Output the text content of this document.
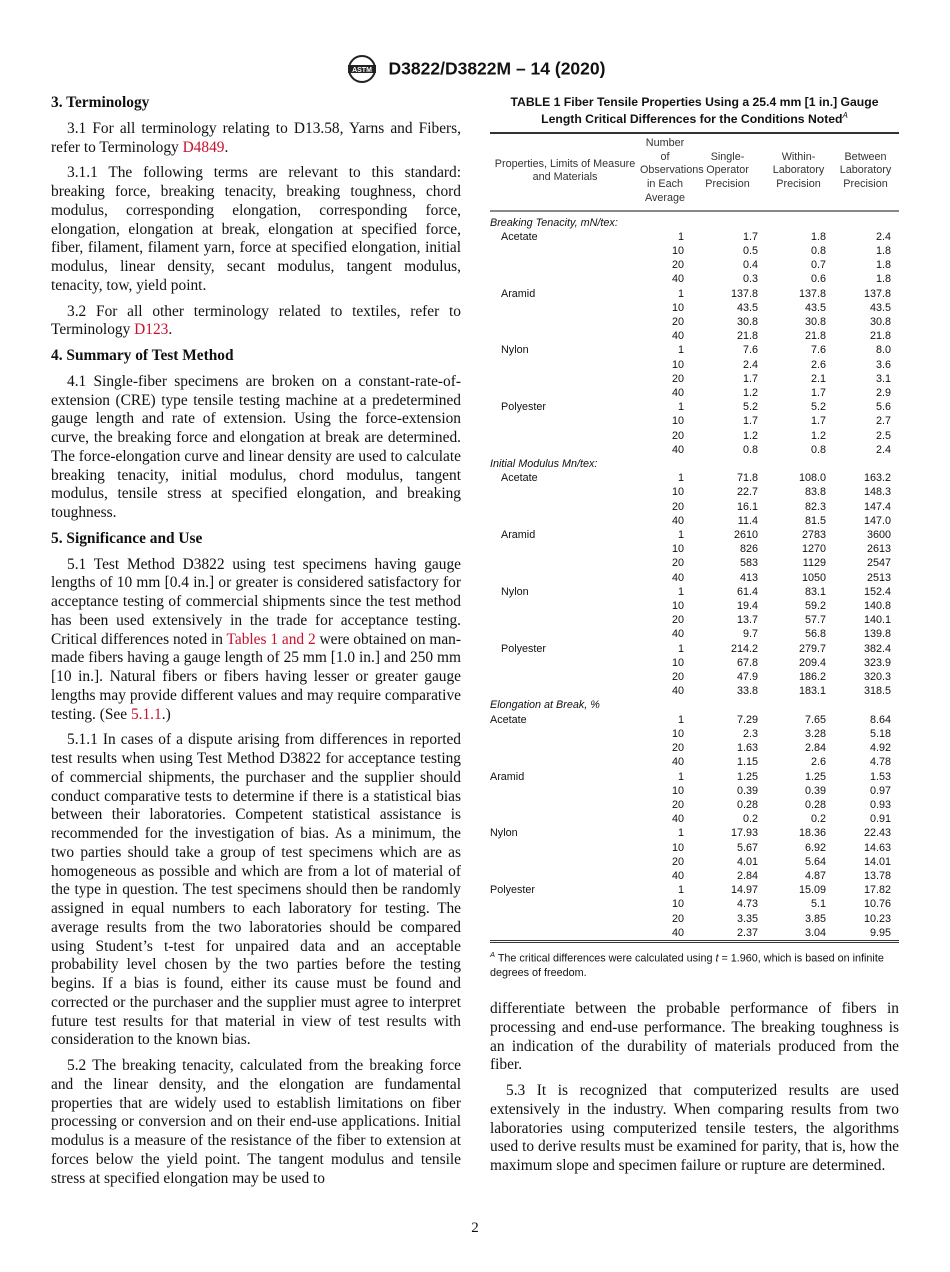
ASTM D3822/D3822M – 14 (2020)

3. Terminology

3.1 For all terminology relating to D13.58, Yarns and Fibers, refer to Terminology D4849.

3.1.1 The following terms are relevant to this standard: breaking force, breaking tenacity, breaking toughness, chord modulus, corresponding elongation, corresponding force, elongation, elongation at break, elongation at specified force, fiber, filament, filament yarn, force at specified elongation, initial modulus, linear density, secant modulus, tangent modulus, tenacity, tow, yield point.

3.2 For all other terminology related to textiles, refer to Terminology D123.

4. Summary of Test Method

4.1 Single-fiber specimens are broken on a constant-rate-of-extension (CRE) type tensile testing machine at a predetermined gauge length and rate of extension. Using the force-extension curve, the breaking force and elongation at break are determined. The force-elongation curve and linear density are used to calculate breaking tenacity, initial modulus, chord modulus, tangent modulus, tensile stress at specified elongation, and breaking toughness.

5. Significance and Use

5.1 Test Method D3822 using test specimens having gauge lengths of 10 mm [0.4 in.] or greater is considered satisfactory for acceptance testing of commercial shipments since the test method has been used extensively in the trade for acceptance testing. Critical differences noted in Tables 1 and 2 were obtained on man-made fibers having a gauge length of 25 mm [1.0 in.] and 250 mm [10 in.]. Natural fibers or fibers having lesser or greater gauge lengths may provide different values and may require comparative testing. (See 5.1.1.)

5.1.1 In cases of a dispute arising from differences in reported test results when using Test Method D3822 for acceptance testing of commercial shipments, the purchaser and the supplier should conduct comparative tests to determine if there is a statistical bias between their laboratories. Competent statistical assistance is recommended for the investigation of bias. As a minimum, the two parties should take a group of test specimens which are as homogeneous as possible and which are from a lot of material of the type in question. The test specimens should then be randomly assigned in equal numbers to each laboratory for testing. The average results from the two laboratories should be compared using Student’s t-test for unpaired data and an acceptable probability level chosen by the two parties before the testing begins. If a bias is found, either its cause must be found and corrected or the purchaser and the supplier must agree to interpret future test results for that material in view of test results with consideration to the known bias.

5.2 The breaking tenacity, calculated from the breaking force and the linear density, and the elongation are fundamental properties that are widely used to establish limitations on fiber processing or conversion and on their end-use applications. Initial modulus is a measure of the resistance of the fiber to extension at forces below the yield point. The tangent modulus and tensile stress at specified elongation may be used to

TABLE 1 Fiber Tensile Properties Using a 25.4 mm [1 in.] Gauge Length Critical Differences for the Conditions Noted$^A$
Properties, Limits of Measure and Materials	Number of Observations in Each Average	Single-Operator Precision	Within-Laboratory Precision	Between Laboratory Precision
Breaking Tenacity, mN/tex:				
Acetate	1	1.7	1.8	2.4
	10	0.5	0.8	1.8
	20	0.4	0.7	1.8
	40	0.3	0.6	1.8
Aramid	1	137.8	137.8	137.8
	10	43.5	43.5	43.5
	20	30.8	30.8	30.8
	40	21.8	21.8	21.8
Nylon	1	7.6	7.6	8.0
	10	2.4	2.6	3.6
	20	1.7	2.1	3.1
	40	1.2	1.7	2.9
Polyester	1	5.2	5.2	5.6
	10	1.7	1.7	2.7
	20	1.2	1.2	2.5
	40	0.8	0.8	2.4
Initial Modulus Mn/tex:				
Acetate	1	71.8	108.0	163.2
	10	22.7	83.8	148.3
	20	16.1	82.3	147.4
	40	11.4	81.5	147.0
Aramid	1	2610	2783	3600
	10	826	1270	2613
	20	583	1129	2547
	40	413	1050	2513
Nylon	1	61.4	83.1	152.4
	10	19.4	59.2	140.8
	20	13.7	57.7	140.1
	40	9.7	56.8	139.8
Polyester	1	214.2	279.7	382.4
	10	67.8	209.4	323.9
	20	47.9	186.2	320.3
	40	33.8	183.1	318.5
Elongation at Break, %				
Acetate	1	7.29	7.65	8.64
	10	2.3	3.28	5.18
	20	1.63	2.84	4.92
	40	1.15	2.6	4.78
Aramid	1	1.25	1.25	1.53
	10	0.39	0.39	0.97
	20	0.28	0.28	0.93
	40	0.2	0.2	0.91
Nylon	1	17.93	18.36	22.43
	10	5.67	6.92	14.63
	20	4.01	5.64	14.01
	40	2.84	4.87	13.78
Polyester	1	14.97	15.09	17.82
	10	4.73	5.1	10.76
	20	3.35	3.85	10.23
	40	2.37	3.04	9.95
$^A$ The critical differences were calculated using t = 1.960, which is based on infinite degrees of freedom.

differentiate between the probable performance of fibers in processing and end-use performance. The breaking toughness is an indication of the durability of materials produced from the fiber.

5.3 It is recognized that computerized results are used extensively in the industry. When comparing results from two laboratories using computerized tensile testers, the algorithms used to derive results must be examined for parity, that is, how the maximum slope and specimen failure or rupture are determined.

2
